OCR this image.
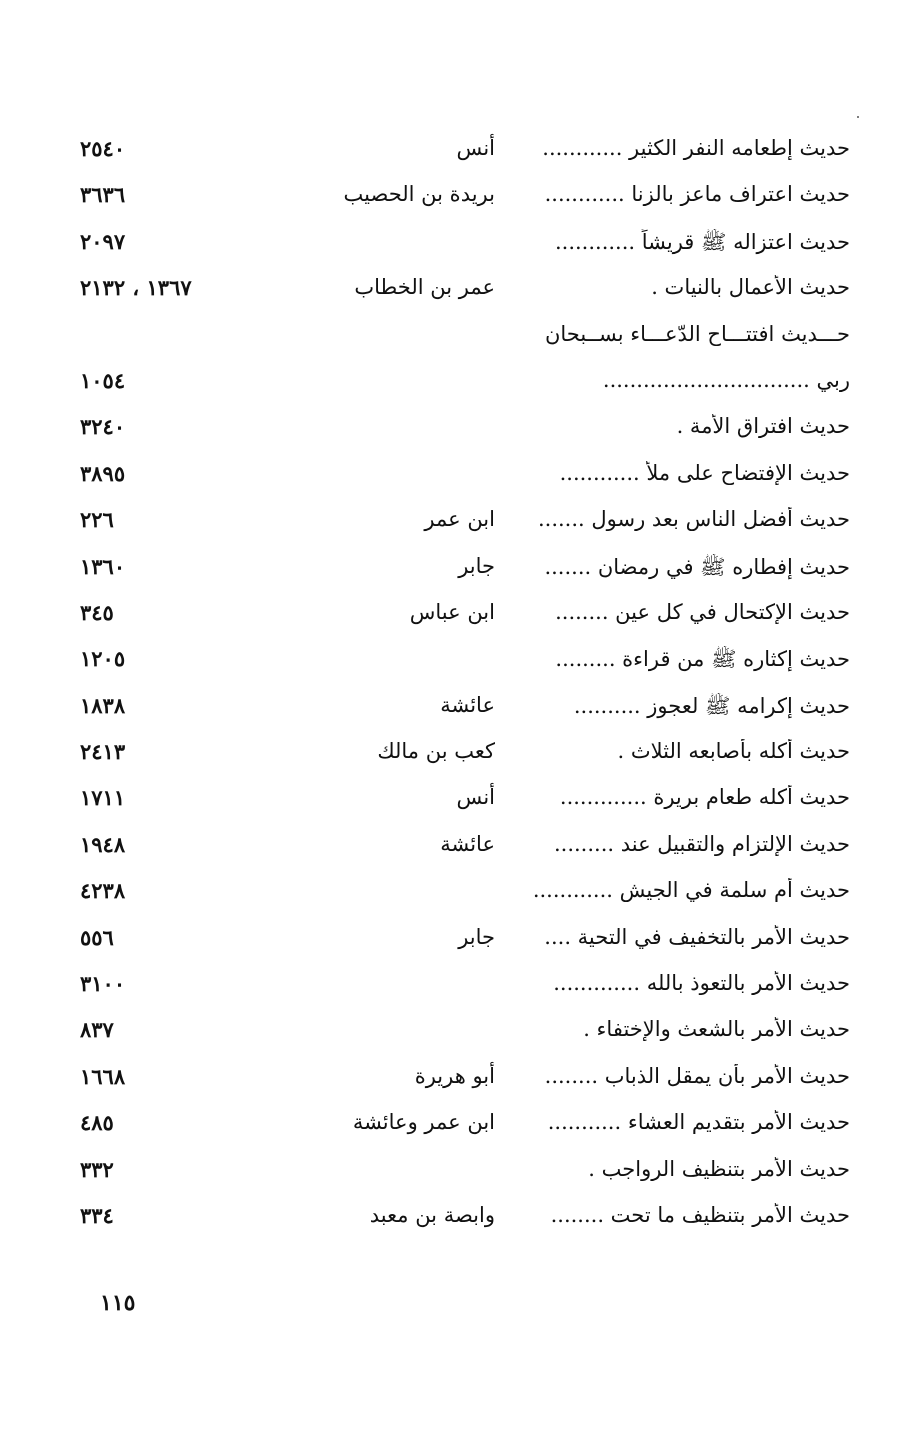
حديث إطعامه النفر الكثير ............
أنس
٢٥٤٠
حديث اعتراف ماعز بالزنا ............
بريدة بن الحصيب
٣٦٣٦
حديث اعتزاله ﷺ قريشاً ............
٢٠٩٧
حديث الأعمال بالنيات .
عمر بن الخطاب
١٣٦٧ ، ٢١٣٢
حـــديث افتتـــاح الدّعـــاء بســبحان
ربي ...............................
١٠٥٤
حديث افتراق الأمة .
٣٢٤٠
حديث الإفتضاح على ملأ ............
٣٨٩٥
حديث أفضل الناس بعد رسول .......
ابن عمر
٢٢٦
حديث إفطاره ﷺ في رمضان .......
جابر
١٣٦٠
حديث الإكتحال في كل عين ........
ابن عباس
٣٤٥
حديث إكثاره ﷺ من قراءة .........
١٢٠٥
حديث إكرامه ﷺ لعجوز ..........
عائشة
١٨٣٨
حديث أكله بأصابعه الثلاث .
كعب بن مالك
٢٤١٣
حديث أكله طعام بريرة .............
أنس
١٧١١
حديث الإلتزام والتقبيل عند .........
عائشة
١٩٤٨
حديث أم سلمة في الجيش ............
٤٢٣٨
حديث الأمر بالتخفيف في التحية ....
جابر
٥٥٦
حديث الأمر بالتعوذ بالله .............
٣١٠٠
حديث الأمر بالشعث والإختفاء .
٨٣٧
حديث الأمر بأن يمقل الذباب ........
أبو هريرة
١٦٦٨
حديث الأمر بتقديم العشاء ...........
ابن عمر وعائشة
٤٨٥
حديث الأمر بتنظيف الرواجب .
٣٣٢
حديث الأمر بتنظيف ما تحت ........
وابصة بن معبد
٣٣٤
١١٥
